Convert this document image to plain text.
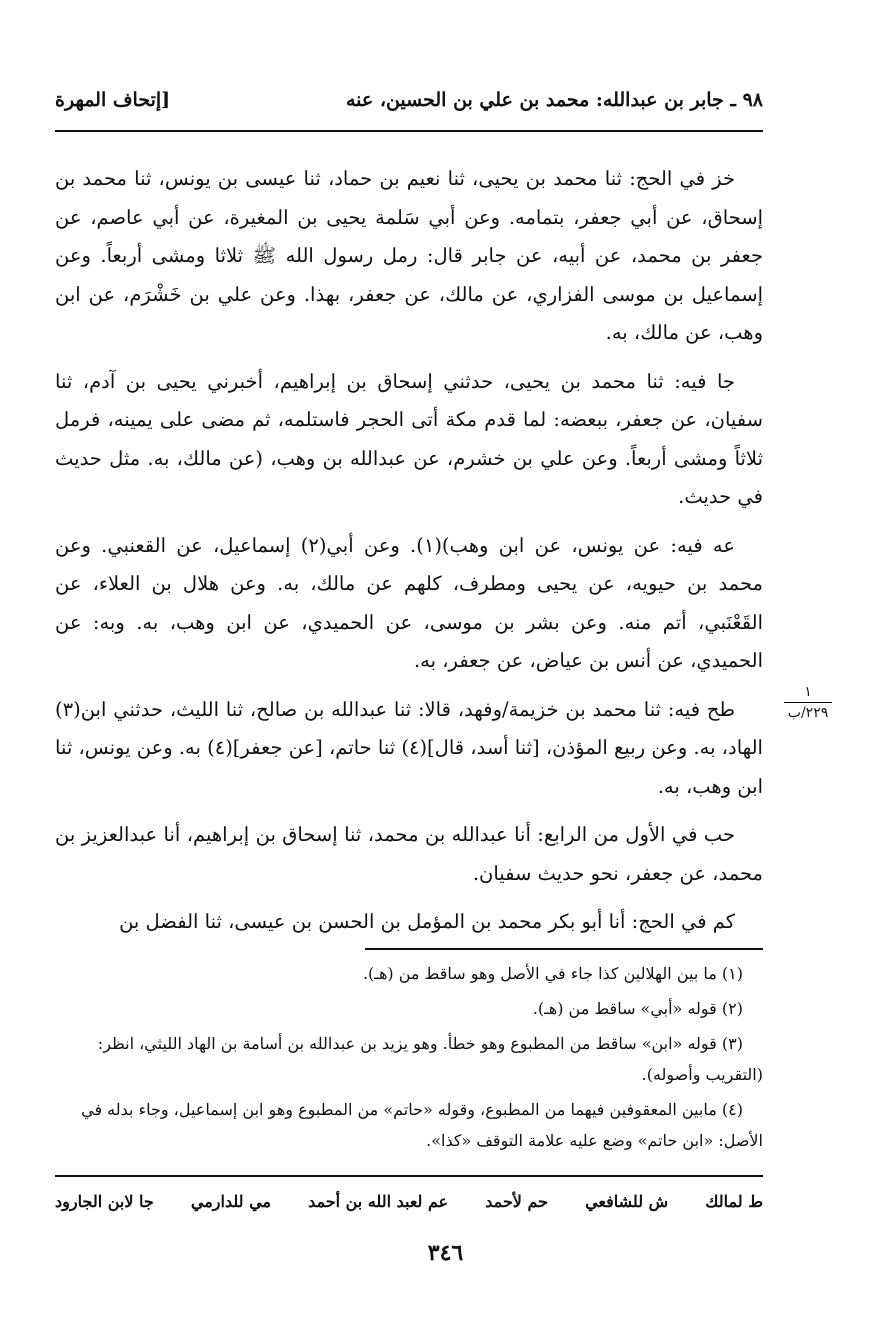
٩٨ ـ جابر بن عبدالله: محمد بن علي بن الحسين، عنه
[إتحاف المهرة

خز في الحج: ثنا محمد بن يحيى، ثنا نعيم بن حماد، ثنا عيسى بن يونس، ثنا محمد بن إسحاق، عن أبي جعفر، بتمامه. وعن أبي سَلمة يحيى بن المغيرة، عن أبي عاصم، عن جعفر بن محمد، عن أبيه، عن جابر قال: رمل رسول الله ﷺ ثلاثا ومشى أربعاً. وعن إسماعيل بن موسى الفزاري، عن مالك، عن جعفر، بهذا. وعن علي بن خَشْرَم، عن ابن وهب، عن مالك، به.

جا فيه: ثنا محمد بن يحيى، حدثني إسحاق بن إبراهيم، أخبرني يحيى بن آدم، ثنا سفيان، عن جعفر، ببعضه: لما قدم مكة أتى الحجر فاستلمه، ثم مضى على يمينه، فرمل ثلاثاً ومشى أربعاً. وعن علي بن خشرم، عن عبدالله بن وهب، (عن مالك، به. مثل حديث في حديث.

عه فيه: عن يونس، عن ابن وهب)(١). وعن أبي(٢) إسماعيل، عن القعنبي. وعن محمد بن حيويه، عن يحيى ومطرف، كلهم عن مالك، به. وعن هلال بن العلاء، عن القَعْنَبي، أتم منه. وعن بشر بن موسى، عن الحميدي، عن ابن وهب، به. وبه: عن الحميدي، عن أنس بن عياض، عن جعفر، به.

طح فيه: ثنا محمد بن خزيمة/وفهد، قالا: ثنا عبدالله بن صالح، ثنا الليث، حدثني ابن(٣) الهاد، به. وعن ربيع المؤذن، [ثنا أسد، قال](٤) ثنا حاتم، [عن جعفر](٤) به. وعن يونس، ثنا ابن وهب، به.

حب في الأول من الرابع: أنا عبدالله بن محمد، ثنا إسحاق بن إبراهيم، أنا عبدالعزيز بن محمد، عن جعفر، نحو حديث سفيان.

كم في الحج: أنا أبو بكر محمد بن المؤمل بن الحسن بن عيسى، ثنا الفضل بن

١
٢٢٩/ب

(١) ما بين الهلالين كذا جاء في الأصل وهو ساقط من (هـ).

(٢) قوله «أبي» ساقط من (هـ).

(٣) قوله «ابن» ساقط من المطبوع وهو خطأ. وهو يزيد بن عبدالله بن أسامة بن الهاد الليثي، انظر: (التقريب وأصوله).

(٤) مابين المعقوفين فيهما من المطبوع، وقوله «حاتم» من المطبوع وهو ابن إسماعيل، وجاء بدله في الأصل: «ابن حاتم» وضع عليه علامة التوقف «كذا».

ط لمالك
ش للشافعي
حم لأحمد
عم لعبد الله بن أحمد
مي للدارمي
جا لابن الجارود
٣٤٦
